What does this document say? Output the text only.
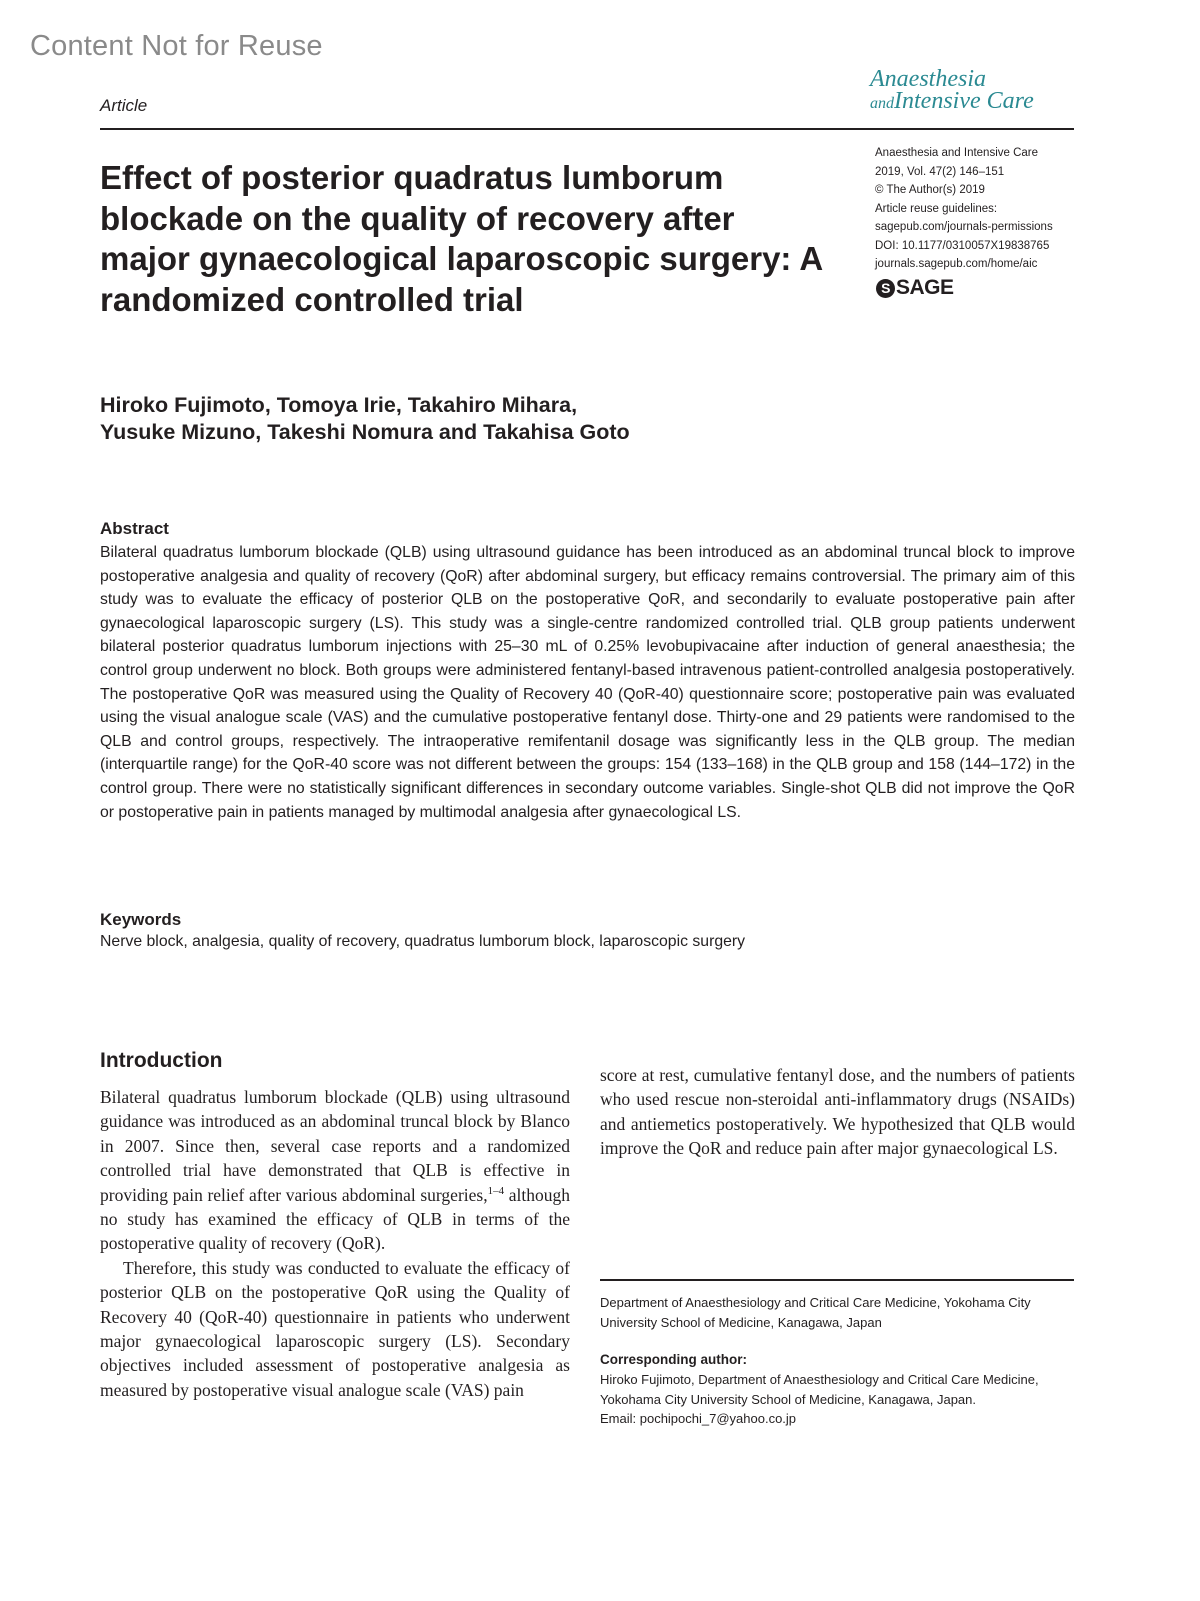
Content Not for Reuse
Article
Anaesthesia
andIntensive Care
Anaesthesia and Intensive Care
2019, Vol. 47(2) 146–151
© The Author(s) 2019
Article reuse guidelines:
sagepub.com/journals-permissions
DOI: 10.1177/0310057X19838765
journals.sagepub.com/home/aic
S SAGE
Effect of posterior quadratus lumborum blockade on the quality of recovery after major gynaecological laparoscopic surgery: A randomized controlled trial
Hiroko Fujimoto, Tomoya Irie, Takahiro Mihara,
Yusuke Mizuno, Takeshi Nomura and Takahisa Goto
Abstract
Bilateral quadratus lumborum blockade (QLB) using ultrasound guidance has been introduced as an abdominal truncal block to improve postoperative analgesia and quality of recovery (QoR) after abdominal surgery, but efficacy remains controversial. The primary aim of this study was to evaluate the efficacy of posterior QLB on the postoperative QoR, and secondarily to evaluate postoperative pain after gynaecological laparoscopic surgery (LS). This study was a single-centre randomized controlled trial. QLB group patients underwent bilateral posterior quadratus lumborum injections with 25–30 mL of 0.25% levobupivacaine after induction of general anaesthesia; the control group underwent no block. Both groups were administered fentanyl-based intravenous patient-controlled analgesia postoperatively. The postoperative QoR was measured using the Quality of Recovery 40 (QoR-40) questionnaire score; postoperative pain was evaluated using the visual analogue scale (VAS) and the cumulative postoperative fentanyl dose. Thirty-one and 29 patients were randomised to the QLB and control groups, respectively. The intraoperative remifentanil dosage was significantly less in the QLB group. The median (interquartile range) for the QoR-40 score was not different between the groups: 154 (133–168) in the QLB group and 158 (144–172) in the control group. There were no statistically significant differences in secondary outcome variables. Single-shot QLB did not improve the QoR or postoperative pain in patients managed by multimodal analgesia after gynaecological LS.
Keywords
Nerve block, analgesia, quality of recovery, quadratus lumborum block, laparoscopic surgery
Introduction

Bilateral quadratus lumborum blockade (QLB) using ultrasound guidance was introduced as an abdominal truncal block by Blanco in 2007. Since then, several case reports and a randomized controlled trial have demonstrated that QLB is effective in providing pain relief after various abdominal surgeries,$^{1-4}$ although no study has examined the efficacy of QLB in terms of the postoperative quality of recovery (QoR).

Therefore, this study was conducted to evaluate the efficacy of posterior QLB on the postoperative QoR using the Quality of Recovery 40 (QoR-40) questionnaire in patients who underwent major gynaecological laparoscopic surgery (LS). Secondary objectives included assessment of postoperative analgesia as measured by postoperative visual analogue scale (VAS) pain

score at rest, cumulative fentanyl dose, and the numbers of patients who used rescue non-steroidal anti-inflammatory drugs (NSAIDs) and antiemetics postoperatively. We hypothesized that QLB would improve the QoR and reduce pain after major gynaecological LS.

Department of Anaesthesiology and Critical Care Medicine, Yokohama City University School of Medicine, Kanagawa, Japan
Corresponding author:
Hiroko Fujimoto, Department of Anaesthesiology and Critical Care Medicine, Yokohama City University School of Medicine, Kanagawa, Japan.
Email: pochipochi_7@yahoo.co.jp
